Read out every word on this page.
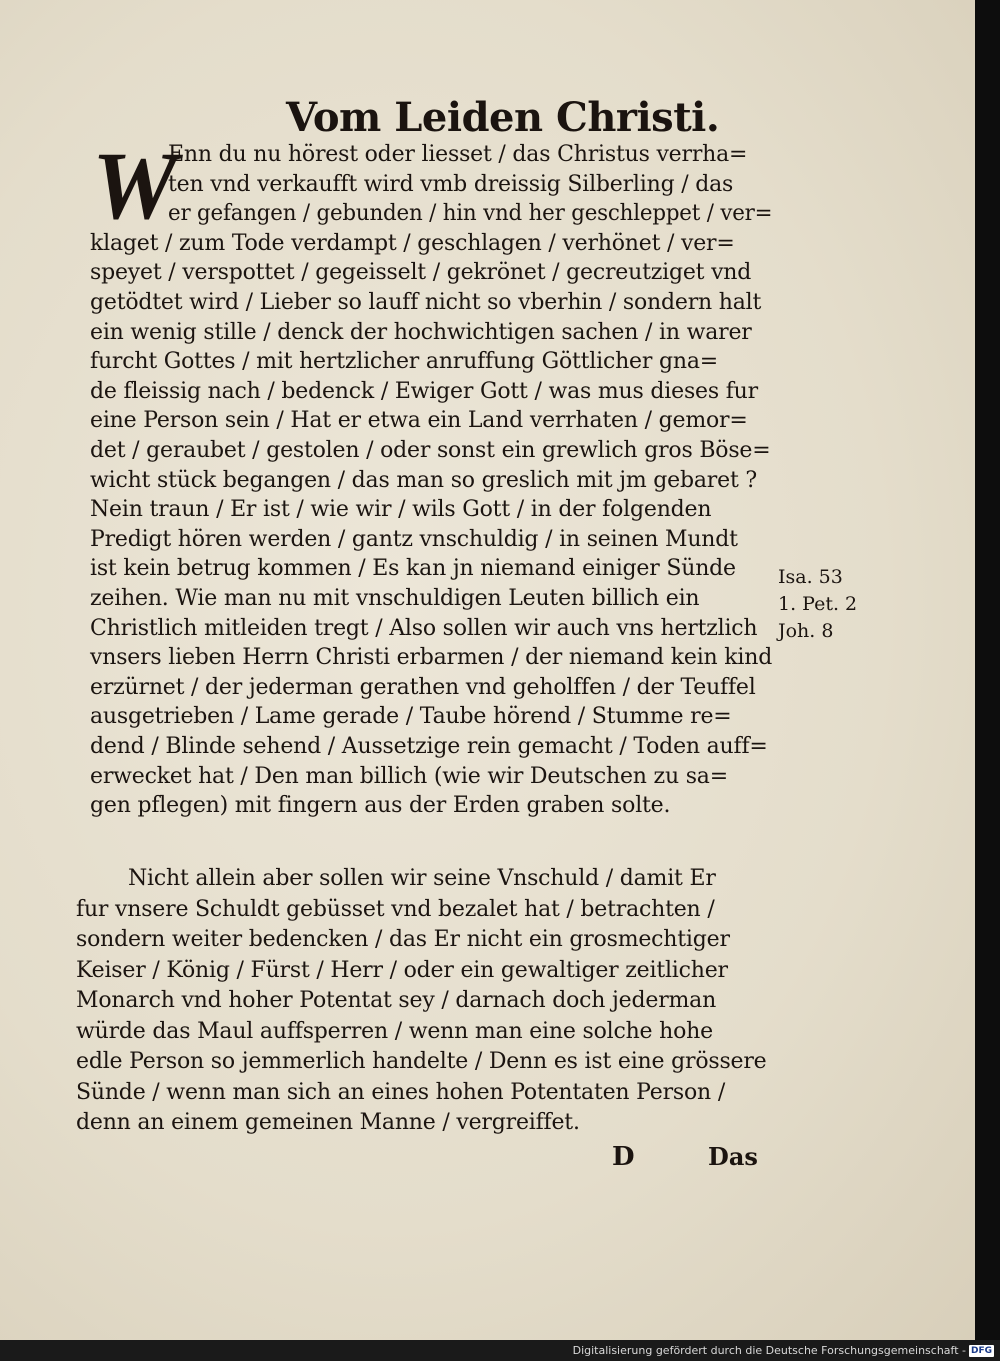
Vom Leiden Christi.
W
Enn du nu hörest oder liesset / das Christus verrha=
ten vnd verkaufft wird vmb dreissig Silberling / das
er gefangen / gebunden / hin vnd her geschleppet / ver=
klaget / zum Tode verdampt / geschlagen / verhönet / ver=
speyet / verspottet / gegeisselt / gekrönet / gecreutziget vnd
getödtet wird / Lieber so lauff nicht so vberhin / sondern halt
ein wenig stille / denck der hochwichtigen sachen / in warer
furcht Gottes / mit hertzlicher anruffung Göttlicher gna=
de fleissig nach / bedenck / Ewiger Gott / was mus dieses fur
eine Person sein / Hat er etwa ein Land verrhaten / gemor=
det / geraubet / gestolen / oder sonst ein grewlich gros Böse=
wicht stück begangen / das man so greslich mit jm gebaret ?
Nein traun / Er ist / wie wir / wils Gott / in der folgenden
Predigt hören werden / gantz vnschuldig / in seinen Mundt
ist kein betrug kommen / Es kan jn niemand einiger Sünde
zeihen. Wie man nu mit vnschuldigen Leuten billich ein
Christlich mitleiden tregt / Also sollen wir auch vns hertzlich
vnsers lieben Herrn Christi erbarmen / der niemand kein kind
erzürnet / der jederman gerathen vnd geholffen / der Teuffel
ausgetrieben / Lame gerade / Taube hörend / Stumme re=
dend / Blinde sehend / Aussetzige rein gemacht / Toden auff=
erwecket hat / Den man billich (wie wir Deutschen zu sa=
gen pflegen) mit fingern aus der Erden graben solte.
Nicht allein aber sollen wir seine Vnschuld / damit Er
fur vnsere Schuldt gebüsset vnd bezalet hat / betrachten /
sondern weiter bedencken / das Er nicht ein grosmechtiger
Keiser / König / Fürst / Herr / oder ein gewaltiger zeitlicher
Monarch vnd hoher Potentat sey / darnach doch jederman
würde das Maul auffsperren / wenn man eine solche hohe
edle Person so jemmerlich handelte / Denn es ist eine grössere
Sünde / wenn man sich an eines hohen Potentaten Person /
denn an einem gemeinen Manne / vergreiffet.
Isa. 53
1. Pet. 2
Joh. 8
D	Das
Digitalisierung gefördert durch die Deutsche Forschungsgemeinschaft - DFG
